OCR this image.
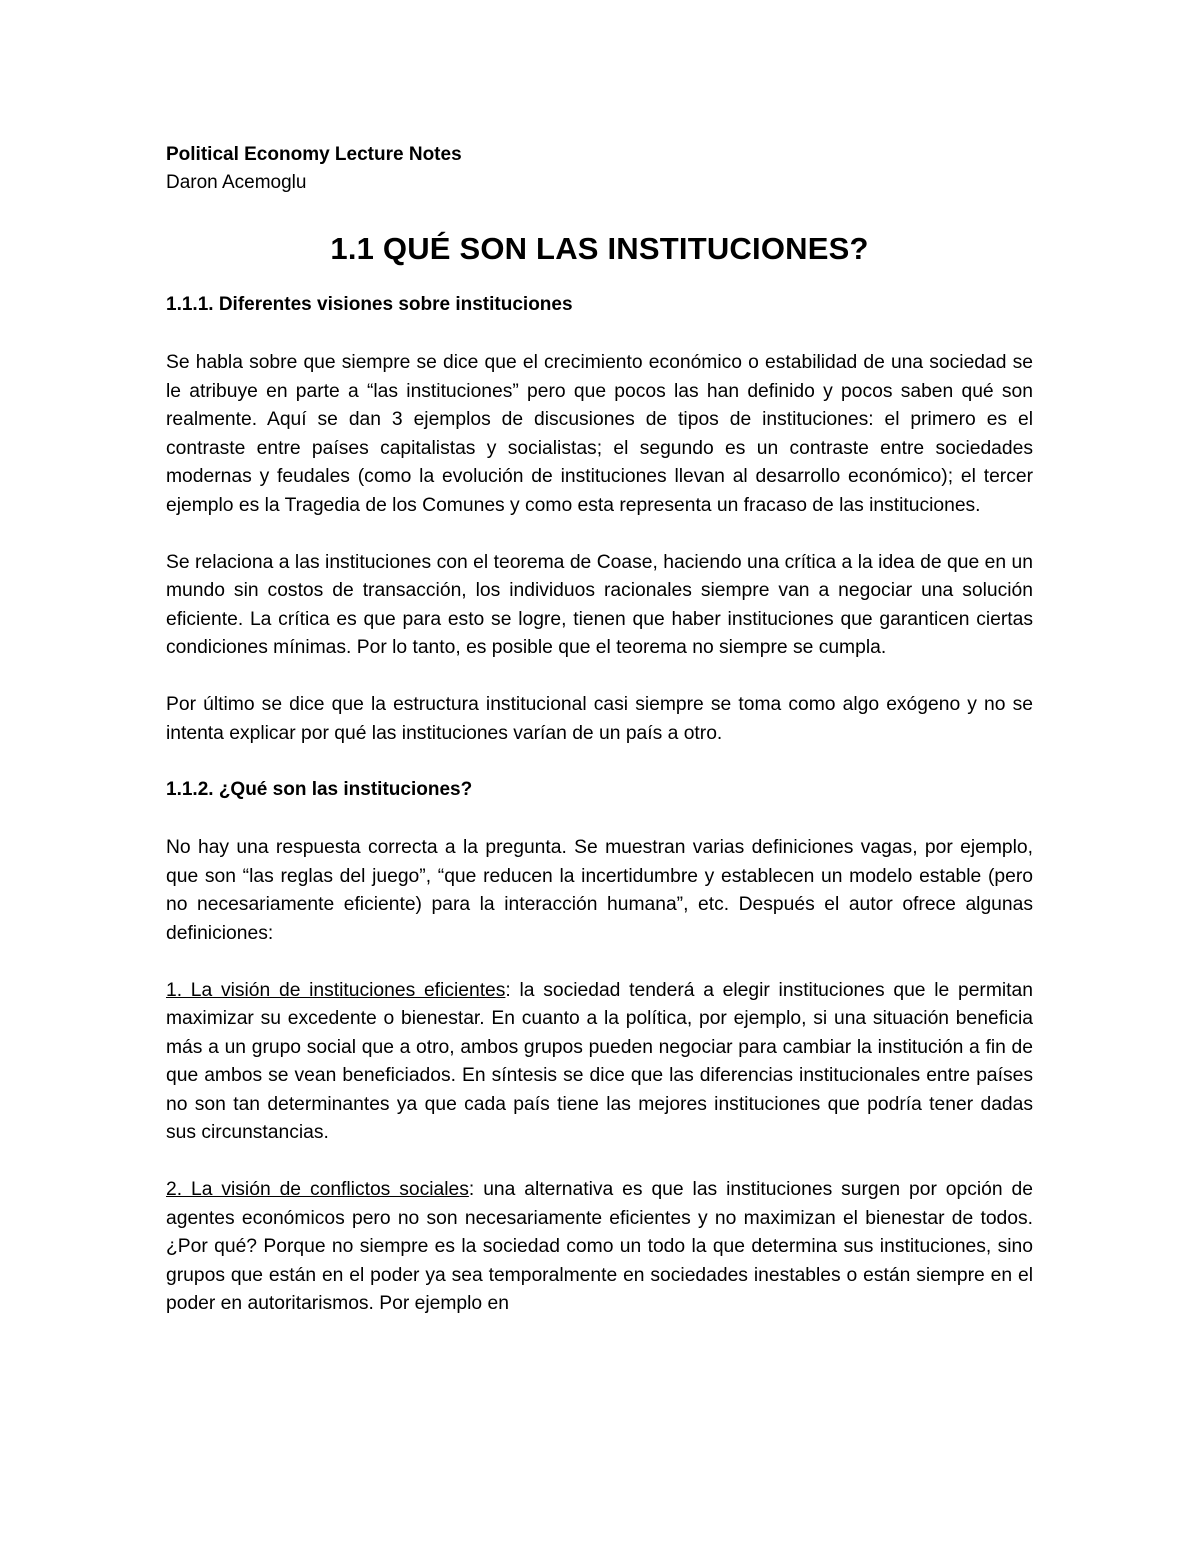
Political Economy Lecture Notes

Daron Acemoglu

1.1 QUÉ SON LAS INSTITUCIONES?
1.1.1. Diferentes visiones sobre instituciones

Se habla sobre que siempre se dice que el crecimiento económico o estabilidad de una sociedad se le atribuye en parte a “las instituciones” pero que pocos las han definido y pocos saben qué son realmente. Aquí se dan 3 ejemplos de discusiones de tipos de instituciones: el primero es el contraste entre países capitalistas y socialistas; el segundo es un contraste entre sociedades modernas y feudales (como la evolución de instituciones llevan al desarrollo económico); el tercer ejemplo es la Tragedia de los Comunes y como esta representa un fracaso de las instituciones.

Se relaciona a las instituciones con el teorema de Coase, haciendo una crítica a la idea de que en un mundo sin costos de transacción, los individuos racionales siempre van a negociar una solución eficiente. La crítica es que para esto se logre, tienen que haber instituciones que garanticen ciertas condiciones mínimas. Por lo tanto, es posible que el teorema no siempre se cumpla.

Por último se dice que la estructura institucional casi siempre se toma como algo exógeno y no se intenta explicar por qué las instituciones varían de un país a otro.

1.1.2. ¿Qué son las instituciones?

No hay una respuesta correcta a la pregunta. Se muestran varias definiciones vagas, por ejemplo, que son “las reglas del juego”, “que reducen la incertidumbre y establecen un modelo estable (pero no necesariamente eficiente) para la interacción humana”, etc. Después el autor ofrece algunas definiciones:

1. La visión de instituciones eficientes: la sociedad tenderá a elegir instituciones que le permitan maximizar su excedente o bienestar. En cuanto a la política, por ejemplo, si una situación beneficia más a un grupo social que a otro, ambos grupos pueden negociar para cambiar la institución a fin de que ambos se vean beneficiados. En síntesis se dice que las diferencias institucionales entre países no son tan determinantes ya que cada país tiene las mejores instituciones que podría tener dadas sus circunstancias.

2. La visión de conflictos sociales: una alternativa es que las instituciones surgen por opción de agentes económicos pero no son necesariamente eficientes y no maximizan el bienestar de todos. ¿Por qué? Porque no siempre es la sociedad como un todo la que determina sus instituciones, sino grupos que están en el poder ya sea temporalmente en sociedades inestables o están siempre en el poder en autoritarismos. Por ejemplo en
